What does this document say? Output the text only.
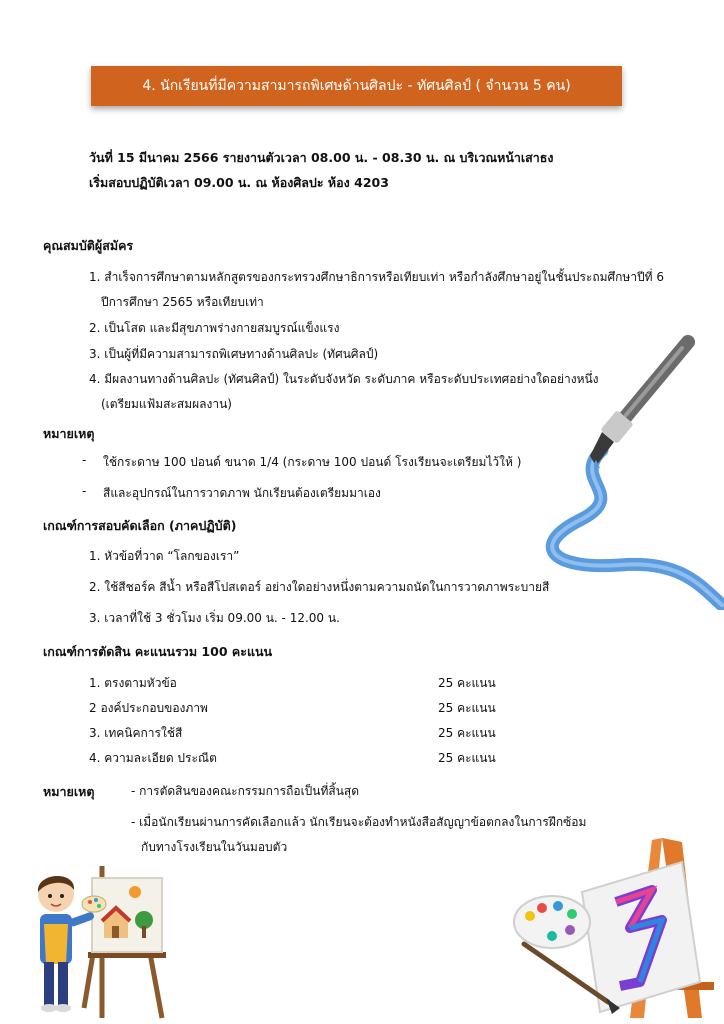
4. นักเรียนที่มีความสามารถพิเศษด้านศิลปะ - ทัศนศิลป์ ( จำนวน 5 คน)
วันที่ 15 มีนาคม 2566 รายงานตัวเวลา 08.00 น. - 08.30 น. ณ บริเวณหน้าเสาธง
เริ่มสอบปฏิบัติเวลา 09.00 น. ณ ห้องศิลปะ ห้อง 4203
คุณสมบัติผู้สมัคร
1. สำเร็จการศึกษาตามหลักสูตรของกระทรวงศึกษาธิการหรือเทียบเท่า หรือกำลังศึกษาอยู่ในชั้นประถมศึกษาปีที่ 6
ปีการศึกษา 2565 หรือเทียบเท่า
2. เป็นโสด และมีสุขภาพร่างกายสมบูรณ์แข็งแรง
3. เป็นผู้ที่มีความสามารถพิเศษทางด้านศิลปะ (ทัศนศิลป์)
4. มีผลงานทางด้านศิลปะ (ทัศนศิลป์) ในระดับจังหวัด ระดับภาค หรือระดับประเทศอย่างใดอย่างหนึ่ง
(เตรียมแฟ้มสะสมผลงาน)
หมายเหตุ
- ใช้กระดาษ 100 ปอนด์ ขนาด 1/4 (กระดาษ 100 ปอนด์ โรงเรียนจะเตรียมไว้ให้ )
- สีและอุปกรณ์ในการวาดภาพ นักเรียนต้องเตรียมมาเอง
เกณฑ์การสอบคัดเลือก (ภาคปฏิบัติ)
1. หัวข้อที่วาด “โลกของเรา”
2. ใช้สีชอร์ค สีน้ำ หรือสีโปสเตอร์ อย่างใดอย่างหนึ่งตามความถนัดในการวาดภาพระบายสี
3. เวลาที่ใช้ 3 ชั่วโมง เริ่ม 09.00 น. - 12.00 น.
เกณฑ์การตัดสิน คะแนนรวม 100 คะแนน
1. ตรงตามหัวข้อ	25 คะแนน
2 องค์ประกอบของภาพ	25 คะแนน
3. เทคนิคการใช้สี	25 คะแนน
4. ความละเอียด ประณีต	25 คะแนน
หมายเหตุ	- การตัดสินของคณะกรรมการถือเป็นที่สิ้นสุด
- เมื่อนักเรียนผ่านการคัดเลือกแล้ว นักเรียนจะต้องทำหนังสือสัญญาข้อตกลงในการฝึกซ้อม
กับทางโรงเรียนในวันมอบตัว
